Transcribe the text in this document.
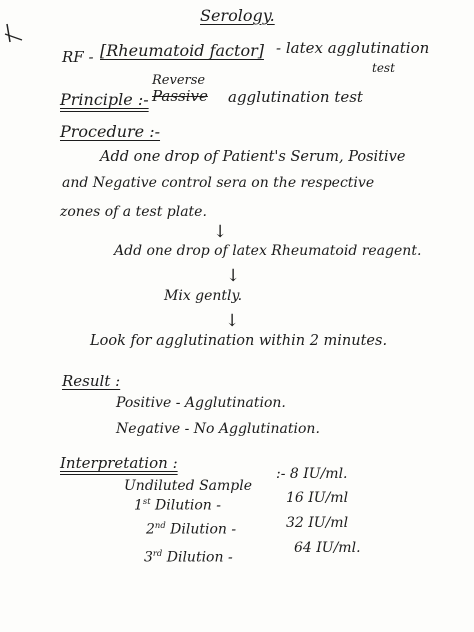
Serology.
RF - [Rheumatoid factor] - latex agglutination
test
Principle :-
Reverse
Passive agglutination test
Procedure :-
Add one drop of Patient's Serum, Positive
and Negative control sera on the respective
zones of a test plate.
↓
Add one drop of latex Rheumatoid reagent.
↓
Mix gently.
↓
Look for agglutination within 2 minutes.
Result :
Positive - Agglutination.
Negative - No Agglutination.
Interpretation :
Undiluted Sample
:- 8 IU/ml.
1st Dilution -	16 IU/ml
2nd Dilution -	32 IU/ml
3rd Dilution -
64 IU/ml.
